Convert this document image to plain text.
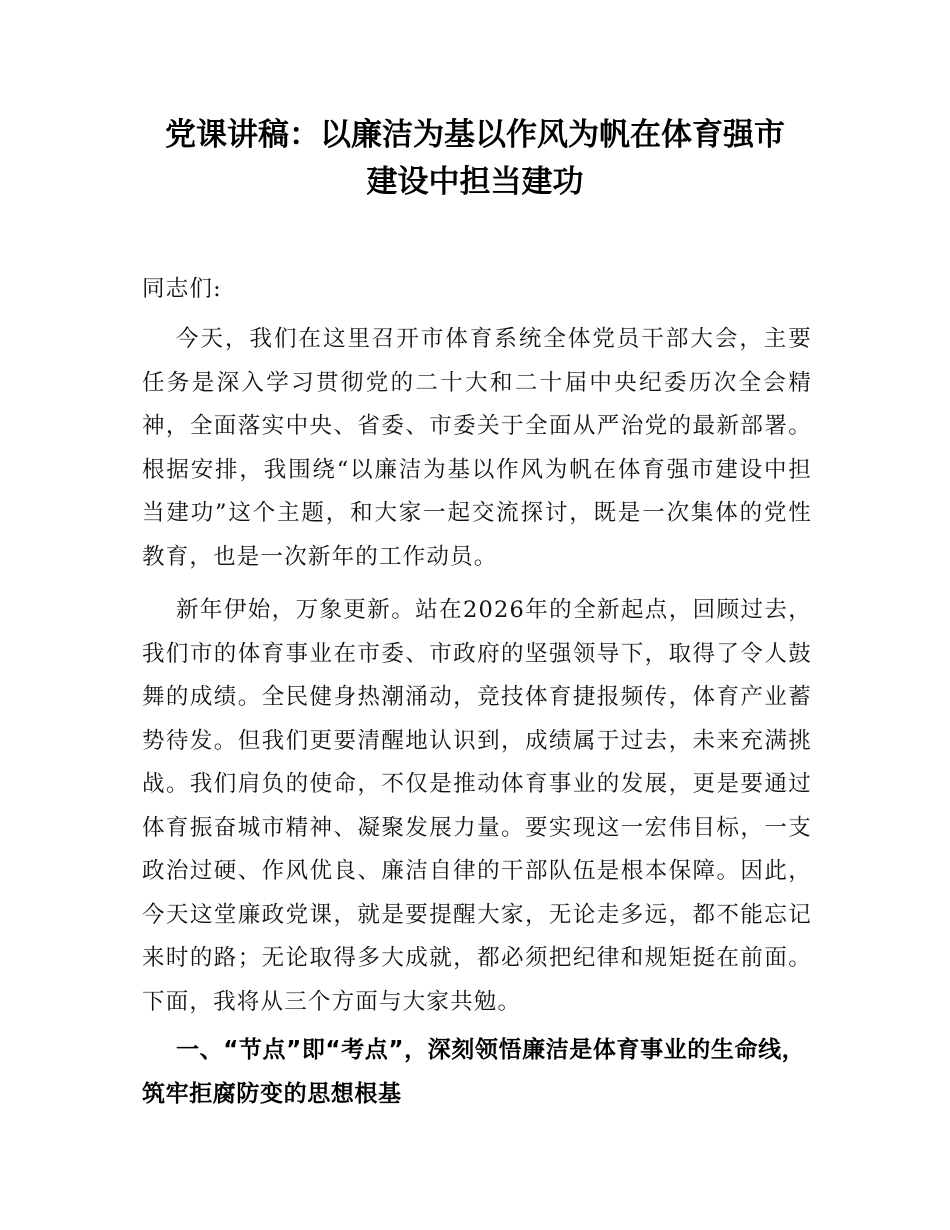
党课讲稿：以廉洁为基以作风为帆在体育强市
建设中担当建功

同志们:

今天，我们在这里召开市体育系统全体党员干部大会，主要任务是深入学习贯彻党的二十大和二十届中央纪委历次全会精神，全面落实中央、省委、市委关于全面从严治党的最新部署。根据安排，我围绕“以廉洁为基以作风为帆在体育强市建设中担当建功”这个主题，和大家一起交流探讨，既是一次集体的党性教育，也是一次新年的工作动员。

新年伊始，万象更新。站在2026年的全新起点，回顾过去，我们市的体育事业在市委、市政府的坚强领导下，取得了令人鼓舞的成绩。全民健身热潮涌动，竞技体育捷报频传，体育产业蓄势待发。但我们更要清醒地认识到，成绩属于过去，未来充满挑战。我们肩负的使命，不仅是推动体育事业的发展，更是要通过体育振奋城市精神、凝聚发展力量。要实现这一宏伟目标，一支政治过硬、作风优良、廉洁自律的干部队伍是根本保障。因此，今天这堂廉政党课，就是要提醒大家，无论走多远，都不能忘记来时的路；无论取得多大成就，都必须把纪律和规矩挺在前面。下面，我将从三个方面与大家共勉。

一、“节点”即“考点”，深刻领悟廉洁是体育事业的生命线，筑牢拒腐防变的思想根基
